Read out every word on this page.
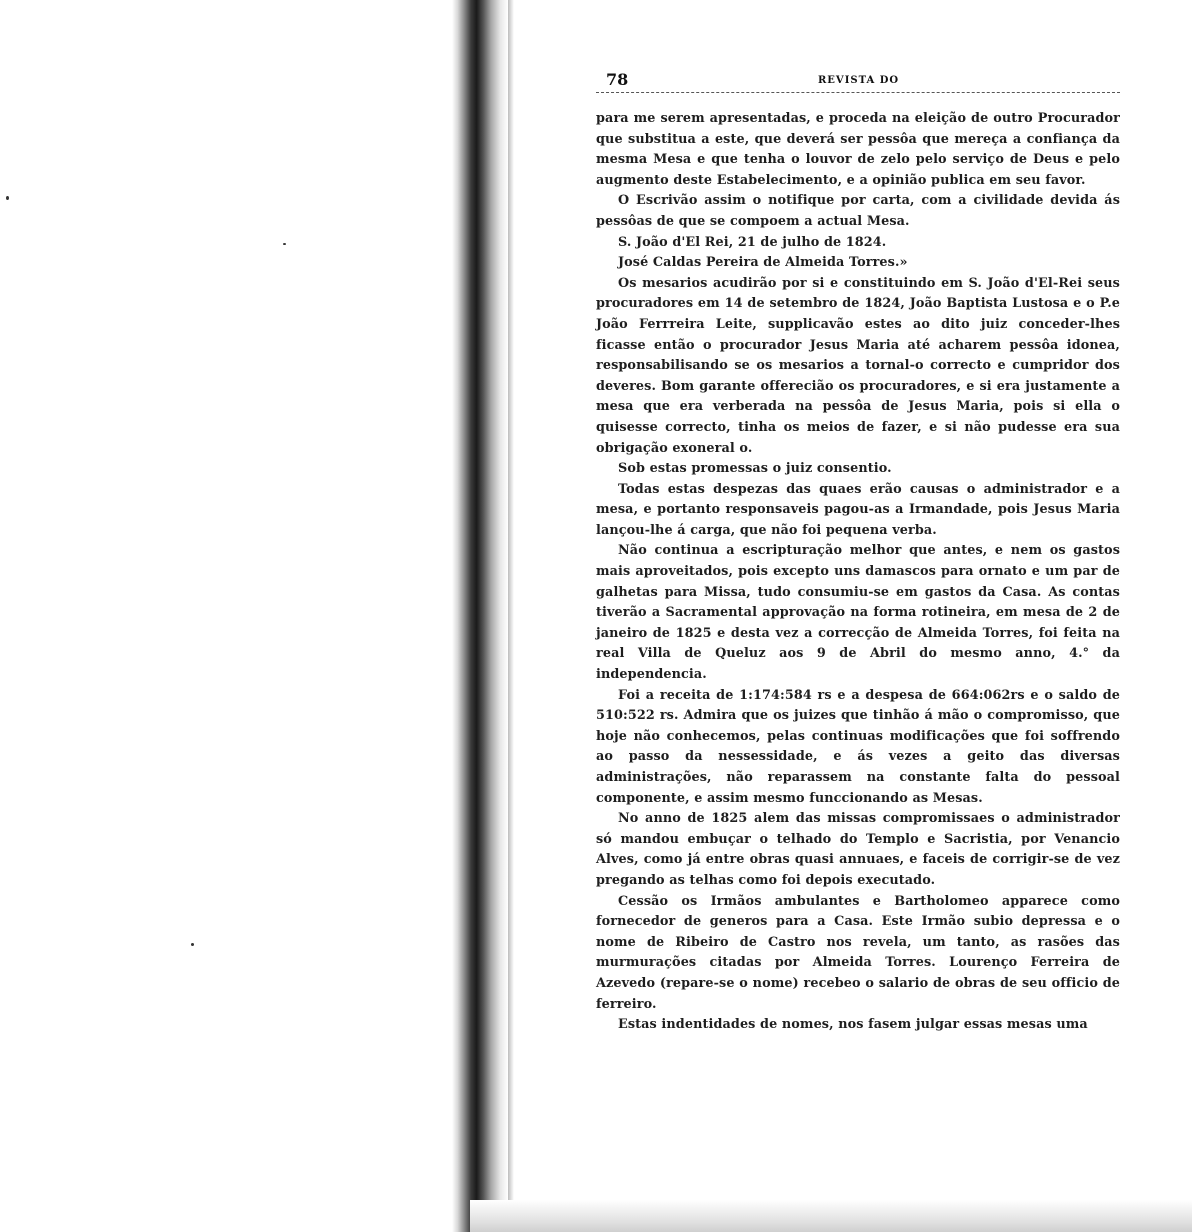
78	REVISTA DO

para me serem apresentadas, e proceda na eleição de outro Procurador que substitua a este, que deverá ser pessôa que mereça a confiança da mesma Mesa e que tenha o louvor de zelo pelo serviço de Deus e pelo augmento deste Estabelecimento, e a opinião publica em seu favor.

O Escrivão assim o notifique por carta, com a civilidade devida ás pessôas de que se compoem a actual Mesa.

S. João d'El Rei, 21 de julho de 1824.

José Caldas Pereira de Almeida Torres.»

Os mesarios acudirão por si e constituindo em S. João d'El-Rei seus procuradores em 14 de setembro de 1824, João Baptista Lustosa e o P.e João Ferrreira Leite, supplicavão estes ao dito juiz conceder-lhes ficasse então o procurador Jesus Maria até acharem pessôa idonea, responsabilisando se os mesarios a tornal-o correcto e cumpridor dos deveres. Bom garante offerecião os procuradores, e si era justamente a mesa que era verberada na pessôa de Jesus Maria, pois si ella o quisesse correcto, tinha os meios de fazer, e si não pudesse era sua obrigação exoneral o.

Sob estas promessas o juiz consentio.

Todas estas despezas das quaes erão causas o administrador e a mesa, e portanto responsaveis pagou-as a Irmandade, pois Jesus Maria lançou-lhe á carga, que não foi pequena verba.

Não continua a escripturação melhor que antes, e nem os gastos mais aproveitados, pois excepto uns damascos para ornato e um par de galhetas para Missa, tudo consumiu-se em gastos da Casa. As contas tiverão a Sacramental approvação na forma rotineira, em mesa de 2 de janeiro de 1825 e desta vez a correcção de Almeida Torres, foi feita na real Villa de Queluz aos 9 de Abril do mesmo anno, 4.° da independencia.

Foi a receita de 1:174:584 rs e a despesa de 664:062rs e o saldo de 510:522 rs. Admira que os juizes que tinhão á mão o compromisso, que hoje não conhecemos, pelas continuas modificações que foi soffrendo ao passo da nessessidade, e ás vezes a geito das diversas administrações, não reparassem na constante falta do pessoal componente, e assim mesmo funccionando as Mesas.

No anno de 1825 alem das missas compromissaes o administrador só mandou embuçar o telhado do Templo e Sacristia, por Venancio Alves, como já entre obras quasi annuaes, e faceis de corrigir-se de vez pregando as telhas como foi depois executado.

Cessão os Irmãos ambulantes e Bartholomeo apparece como fornecedor de generos para a Casa. Este Irmão subio depressa e o nome de Ribeiro de Castro nos revela, um tanto, as rasões das murmurações citadas por Almeida Torres. Lourenço Ferreira de Azevedo (repare-se o nome) recebeo o salario de obras de seu officio de ferreiro.

Estas indentidades de nomes, nos fasem julgar essas mesas uma
